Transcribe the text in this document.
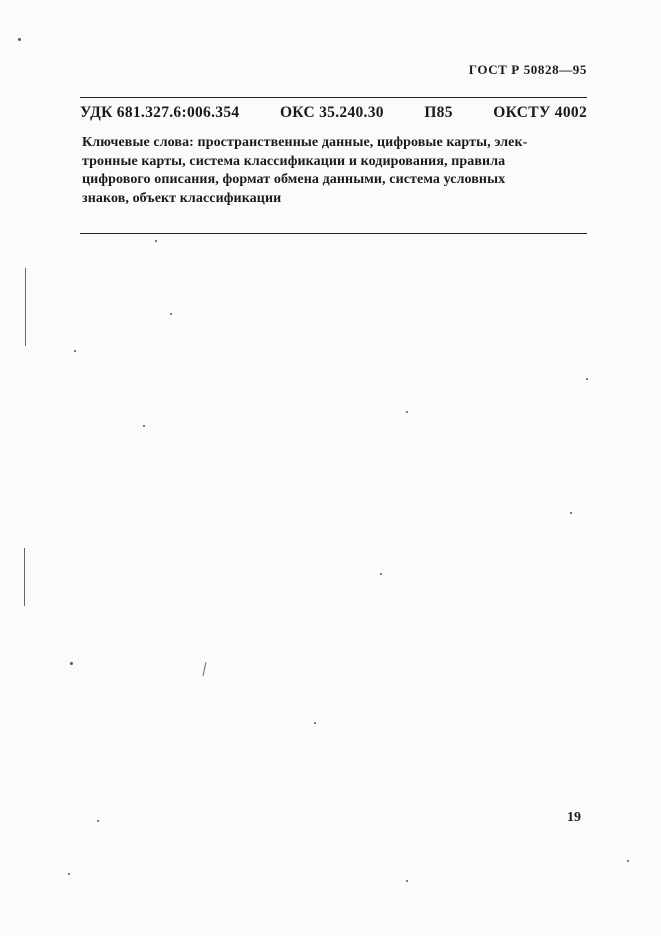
ГОСТ Р 50828—95
УДК 681.327.6:006.354	ОКС 35.240.30	П85	ОКСТУ 4002
Ключевые слова: пространственные данные, цифровые карты, элек-
тронные карты, система классификации и кодирования, правила
цифрового описания, формат обмена данными, система условных
знаков, объект классификации
19
